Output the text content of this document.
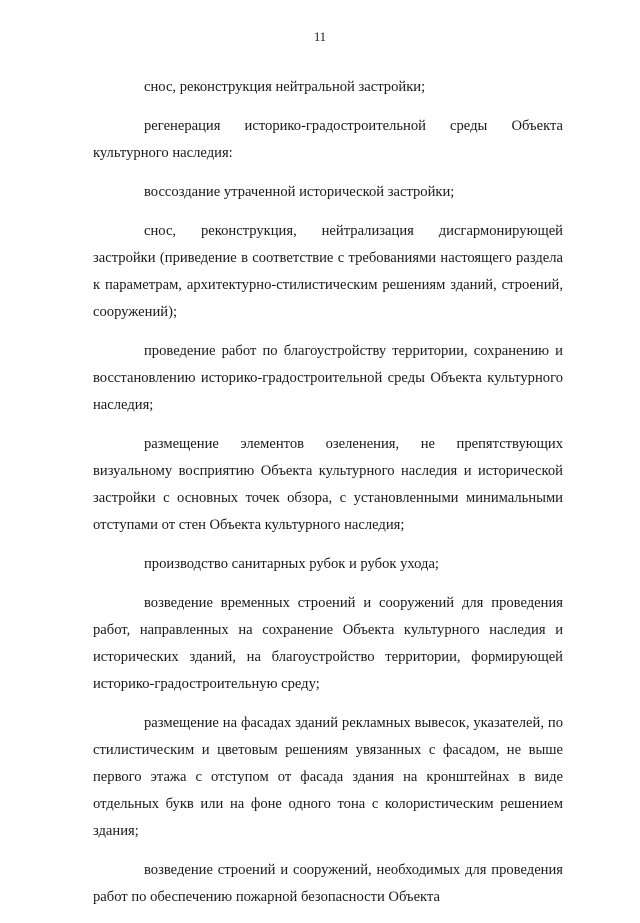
11

снос, реконструкция нейтральной застройки;

регенерация историко-градостроительной среды Объекта культурного наследия:

воссоздание утраченной исторической застройки;

снос, реконструкция, нейтрализация дисгармонирующей застройки (приведение в соответствие с требованиями настоящего раздела к параметрам, архитектурно-стилистическим решениям зданий, строений, сооружений);

проведение работ по благоустройству территории, сохранению и восстановлению историко-градостроительной среды Объекта культурного наследия;

размещение элементов озеленения, не препятствующих визуальному восприятию Объекта культурного наследия и исторической застройки с основных точек обзора, с установленными минимальными отступами от стен Объекта культурного наследия;

производство санитарных рубок и рубок ухода;

возведение временных строений и сооружений для проведения работ, направленных на сохранение Объекта культурного наследия и исторических зданий, на благоустройство территории, формирующей историко-градостроительную среду;

размещение на фасадах зданий рекламных вывесок, указателей, по стилистическим и цветовым решениям увязанных с фасадом, не выше первого этажа с отступом от фасада здания на кронштейнах в виде отдельных букв или на фоне одного тона с колористическим решением здания;

возведение строений и сооружений, необходимых для проведения работ по обеспечению пожарной безопасности Объекта
